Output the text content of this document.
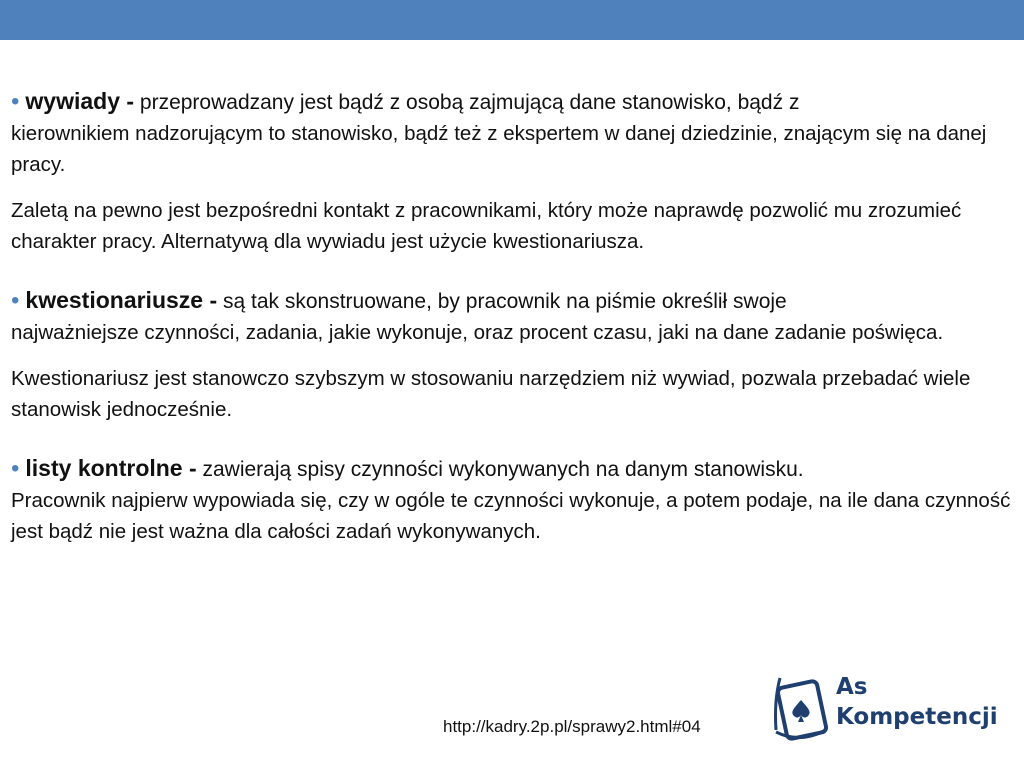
• wywiady - przeprowadzany jest bądź z osobą zajmującą dane stanowisko, bądź z
kierownikiem nadzorującym to stanowisko, bądź też z ekspertem w danej dziedzinie, znającym się na danej pracy.

Zaletą na pewno jest bezpośredni kontakt z pracownikami, który może naprawdę pozwolić mu zrozumieć charakter pracy. Alternatywą dla wywiadu jest użycie kwestionariusza.

• kwestionariusze - są tak skonstruowane, by pracownik na piśmie określił swoje
najważniejsze czynności, zadania, jakie wykonuje, oraz procent czasu, jaki na dane zadanie poświęca.

Kwestionariusz jest stanowczo szybszym w stosowaniu narzędziem niż wywiad, pozwala przebadać wiele stanowisk jednocześnie.

• listy kontrolne - zawierają spisy czynności wykonywanych na danym stanowisku.
Pracownik najpierw wypowiada się, czy w ogóle te czynności wykonuje, a potem podaje, na ile dana czynność jest bądź nie jest ważna dla całości zadań wykonywanych.
http://kadry.2p.pl/sprawy2.html#04
As
Kompetencji
